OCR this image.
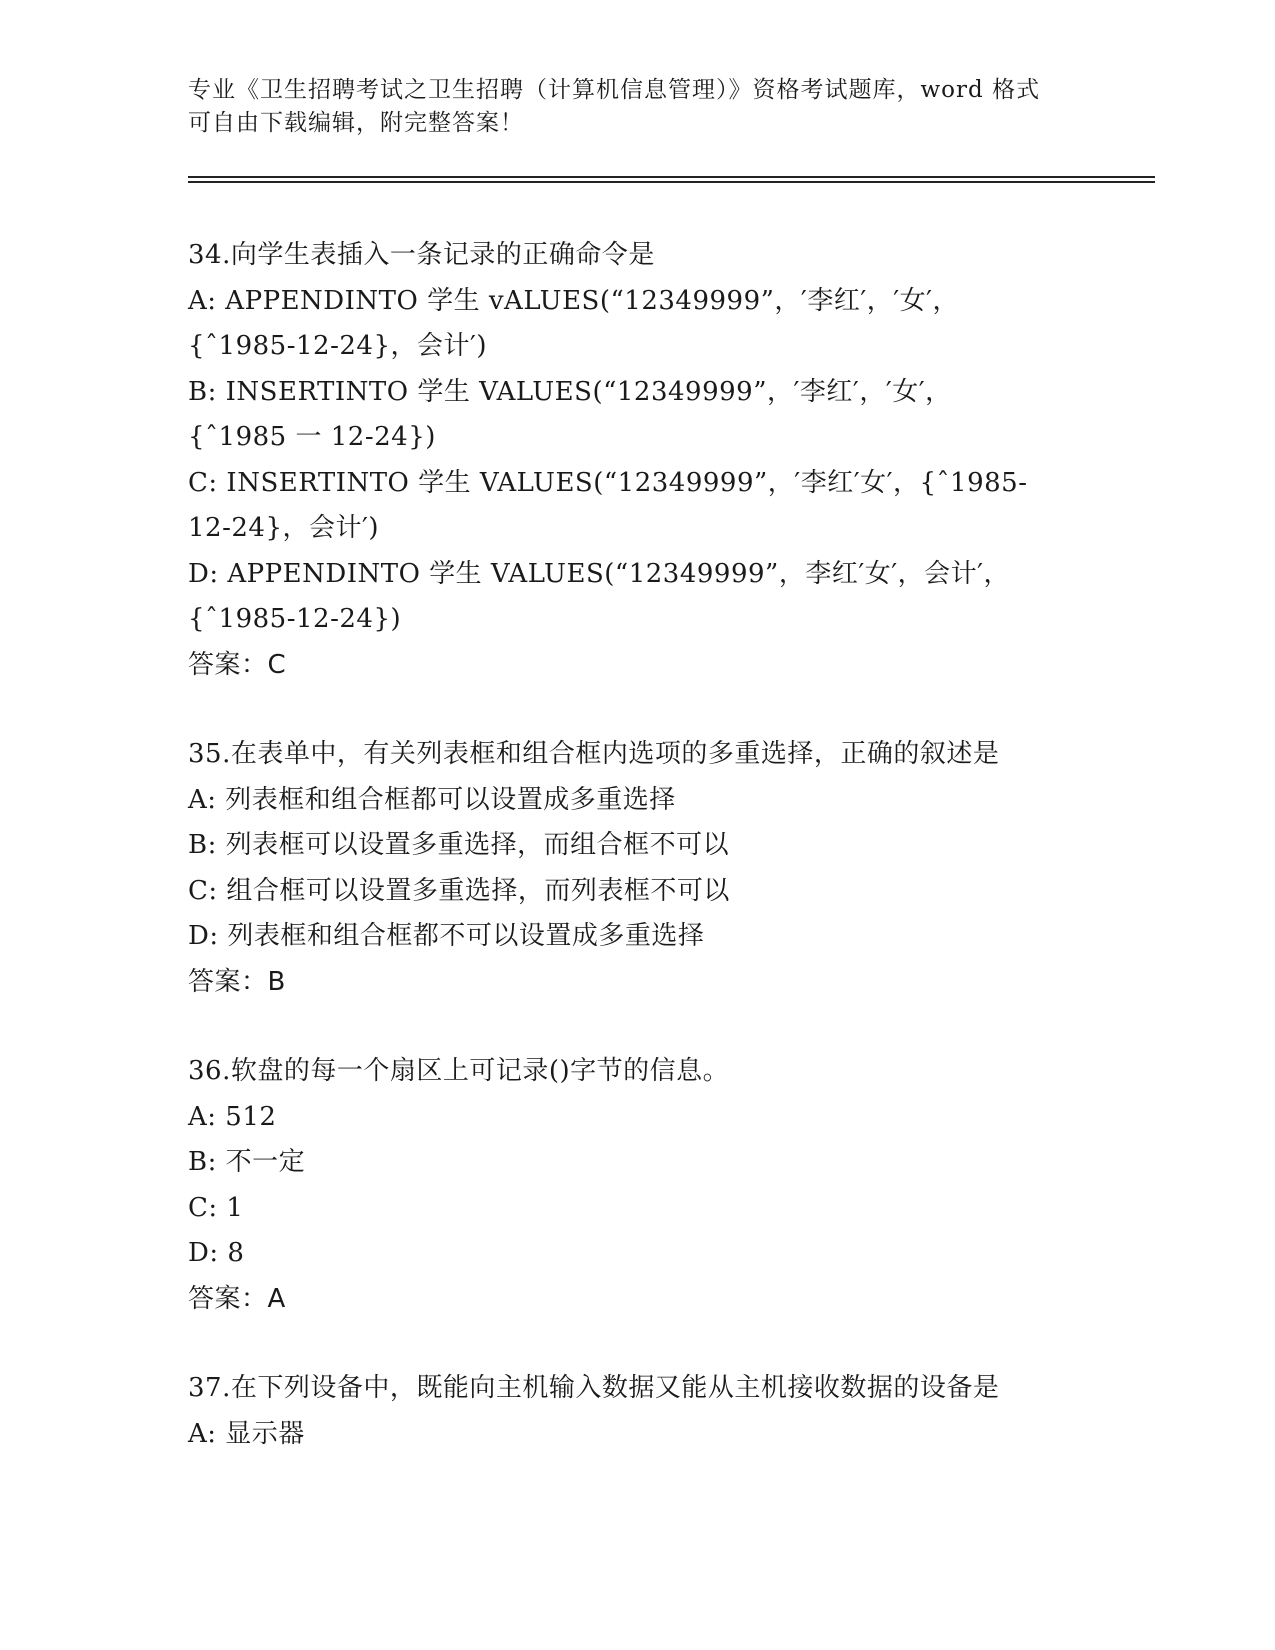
专业《卫生招聘考试之卫生招聘（计算机信息管理）》资格考试题库，word 格式
可自由下载编辑，附完整答案！
34.向学生表插入一条记录的正确命令是
A: APPENDINTO 学生 vALUES(“12349999”，′李红′，′女′，
{ˆ1985-12-24}，会计′)
B: INSERTINTO 学生 VALUES(“12349999”，′李红′，′女′，
{ˆ1985 一 12-24})
C: INSERTINTO 学生 VALUES(“12349999”，′李红′女′，{ˆ1985-
12-24}，会计′)
D: APPENDINTO 学生 VALUES(“12349999”，李红′女′，会计′，
{ˆ1985-12-24})
答案：C
35.在表单中，有关列表框和组合框内选项的多重选择，正确的叙述是
A: 列表框和组合框都可以设置成多重选择
B: 列表框可以设置多重选择，而组合框不可以
C: 组合框可以设置多重选择，而列表框不可以
D: 列表框和组合框都不可以设置成多重选择
答案：B
36.软盘的每一个扇区上可记录()字节的信息。
A: 512
B: 不一定
C: 1
D: 8
答案：A
37.在下列设备中，既能向主机输入数据又能从主机接收数据的设备是
A: 显示器
